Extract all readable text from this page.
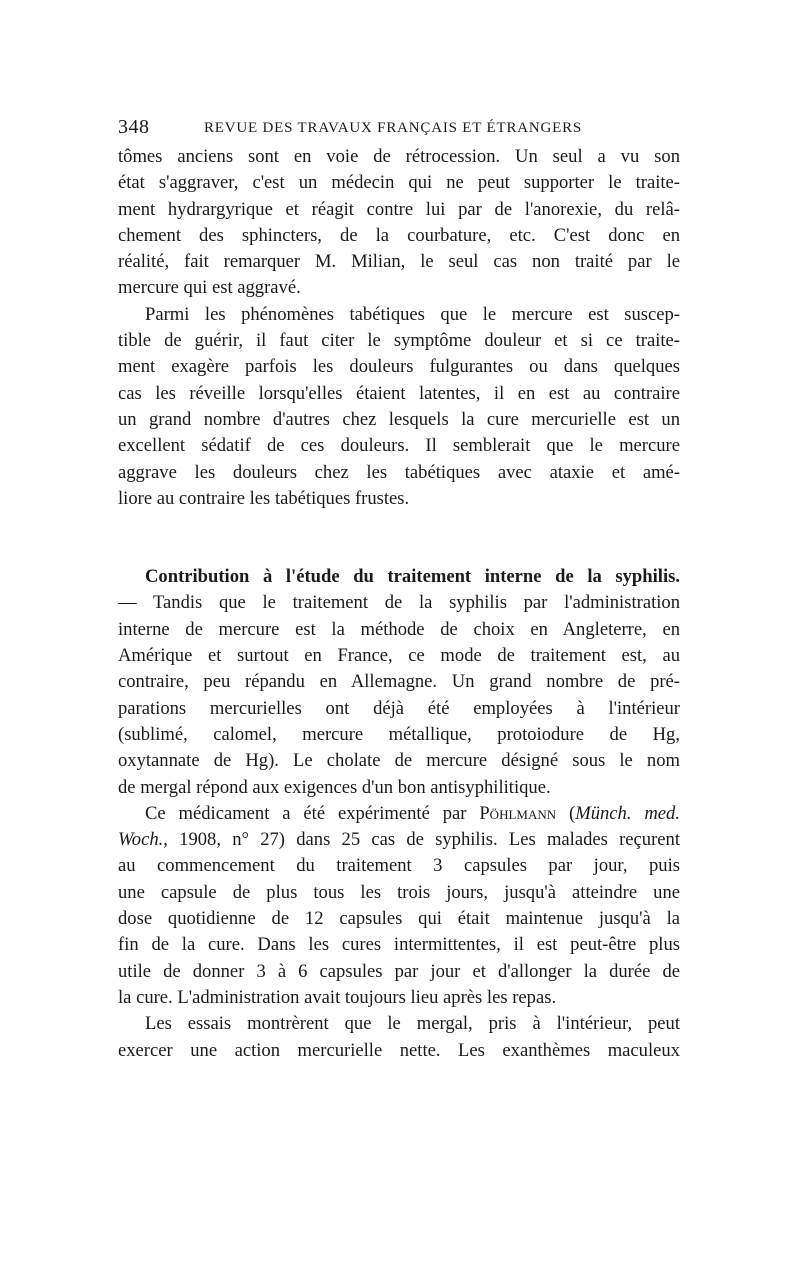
348	REVUE DES TRAVAUX FRANÇAIS ET ÉTRANGERS
tômes anciens sont en voie de rétrocession. Un seul a vu son
état s'aggraver, c'est un médecin qui ne peut supporter le traite-
ment hydrargyrique et réagit contre lui par de l'anorexie, du relâ-
chement des sphincters, de la courbature, etc. C'est donc en
réalité, fait remarquer M. Milian, le seul cas non traité par le
mercure qui est aggravé.
Parmi les phénomènes tabétiques que le mercure est suscep-
tible de guérir, il faut citer le symptôme douleur et si ce traite-
ment exagère parfois les douleurs fulgurantes ou dans quelques
cas les réveille lorsqu'elles étaient latentes, il en est au contraire
un grand nombre d'autres chez lesquels la cure mercurielle est un
excellent sédatif de ces douleurs. Il semblerait que le mercure
aggrave les douleurs chez les tabétiques avec ataxie et amé-
liore au contraire les tabétiques frustes.
Contribution à l'étude du traitement interne de la syphilis.
— Tandis que le traitement de la syphilis par l'administration
interne de mercure est la méthode de choix en Angleterre, en
Amérique et surtout en France, ce mode de traitement est, au
contraire, peu répandu en Allemagne. Un grand nombre de pré-
parations mercurielles ont déjà été employées à l'intérieur
(sublimé, calomel, mercure métallique, protoiodure de Hg,
oxytannate de Hg). Le cholate de mercure désigné sous le nom
de mergal répond aux exigences d'un bon antisyphilitique.
Ce médicament a été expérimenté par Pöhlmann (Münch. med.
Woch., 1908, n° 27) dans 25 cas de syphilis. Les malades reçurent
au commencement du traitement 3 capsules par jour, puis
une capsule de plus tous les trois jours, jusqu'à atteindre une
dose quotidienne de 12 capsules qui était maintenue jusqu'à la
fin de la cure. Dans les cures intermittentes, il est peut-être plus
utile de donner 3 à 6 capsules par jour et d'allonger la durée de
la cure. L'administration avait toujours lieu après les repas.
Les essais montrèrent que le mergal, pris à l'intérieur, peut
exercer une action mercurielle nette. Les exanthèmes maculeux
